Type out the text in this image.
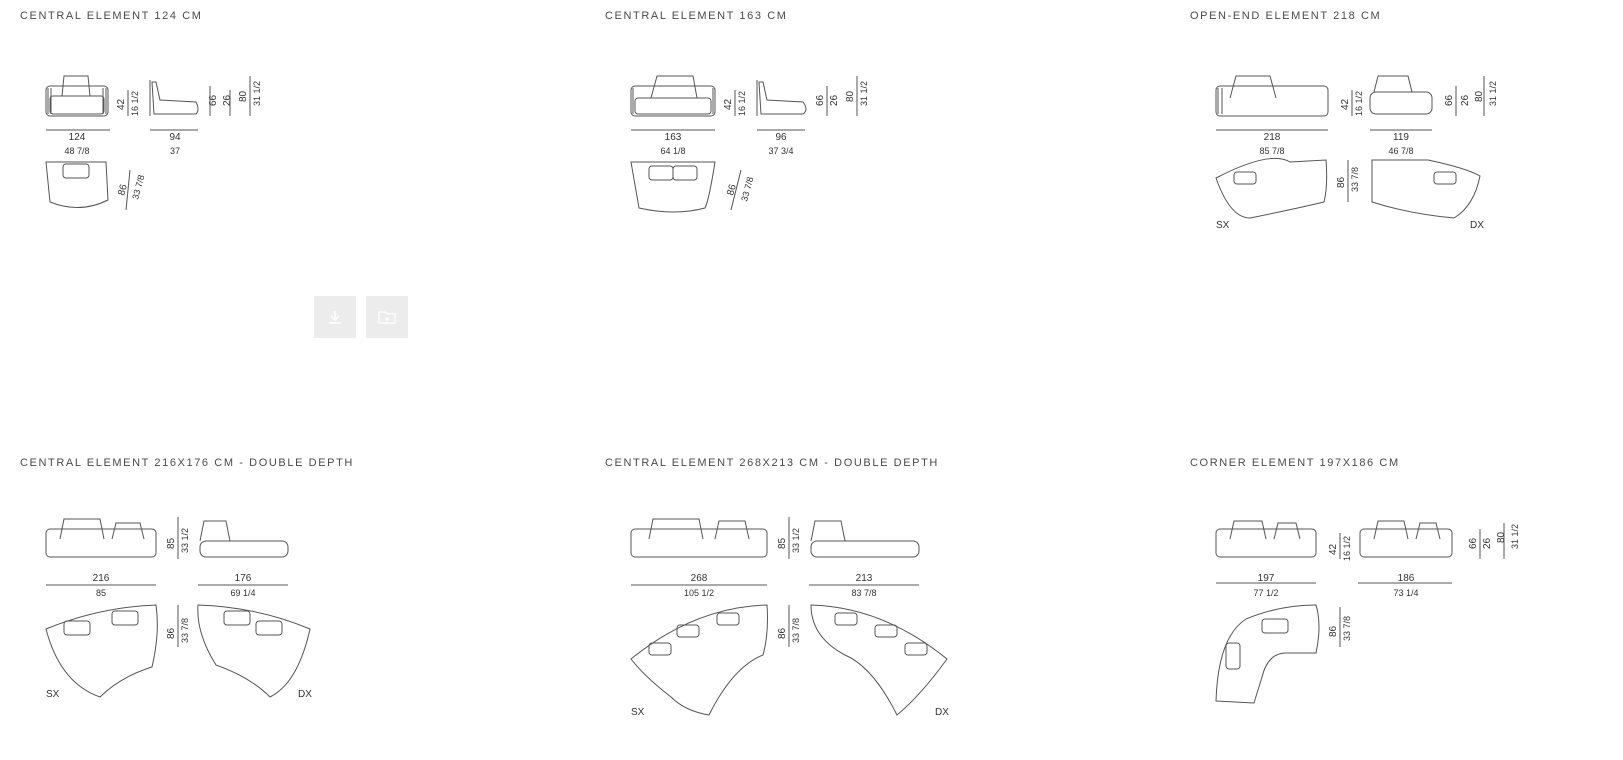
CENTRAL ELEMENT 124 CM
124
48 7/8
94
37
42 16 1/2	66 26 80 31 1/2
86 33 7/8
CENTRAL ELEMENT 163 CM
163
64 1/8
96
37 3/4
42 16 1/2	66 26 80 31 1/2
86 33 7/8
OPEN-END ELEMENT 218 CM
218
85 7/8
119
46 7/8
42 16 1/2	66 26 80 31 1/2
86 33 7/8
SX	DX
CENTRAL ELEMENT 216X176 CM - DOUBLE DEPTH
216
85
176
69 1/4
85 33 1/2
86 33 7/8
SX	DX
CENTRAL ELEMENT 268X213 CM - DOUBLE DEPTH
268
105 1/2
213
83 7/8
85 33 1/2
86 33 7/8
SX	DX
CORNER ELEMENT 197X186 CM
197
77 1/2
186
73 1/4
42 16 1/2	66 26
80 31 1/2
86 33 7/8
